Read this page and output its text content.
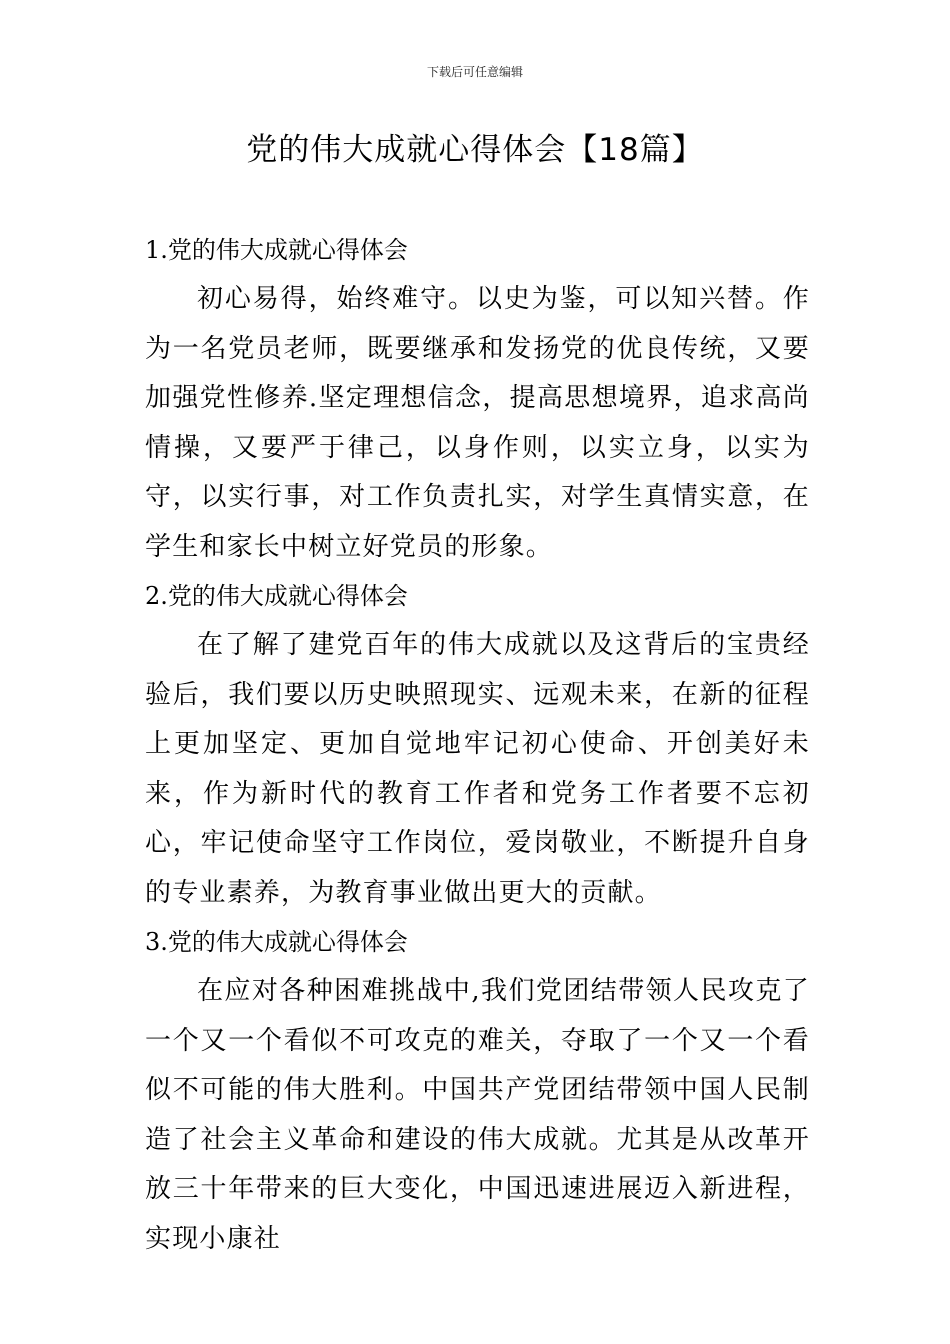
下载后可任意编辑
党的伟大成就心得体会【18篇】
1.党的伟大成就心得体会

初心易得，始终难守。以史为鉴，可以知兴替。作为一名党员老师，既要继承和发扬党的优良传统，又要加强党性修养.坚定理想信念，提高思想境界，追求高尚情操，又要严于律己，以身作则，以实立身，以实为守，以实行事，对工作负责扎实，对学生真情实意，在学生和家长中树立好党员的形象。

2.党的伟大成就心得体会

在了解了建党百年的伟大成就以及这背后的宝贵经验后，我们要以历史映照现实、远观未来，在新的征程上更加坚定、更加自觉地牢记初心使命、开创美好未来，作为新时代的教育工作者和党务工作者要不忘初心，牢记使命坚守工作岗位，爱岗敬业，不断提升自身的专业素养，为教育事业做出更大的贡献。

3.党的伟大成就心得体会

在应对各种困难挑战中,我们党团结带领人民攻克了一个又一个看似不可攻克的难关，夺取了一个又一个看似不可能的伟大胜利。中国共产党团结带领中国人民制造了社会主义革命和建设的伟大成就。尤其是从改革开放三十年带来的巨大变化，中国迅速进展迈入新进程，实现小康社
